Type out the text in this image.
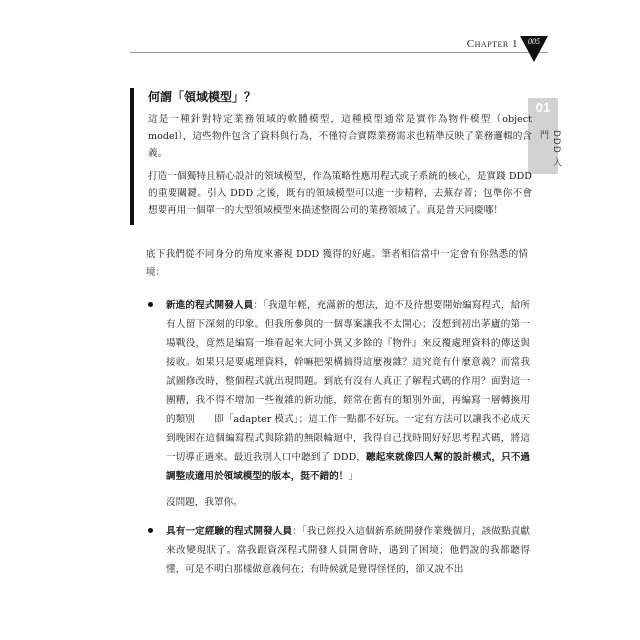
Chapter 1	005
01
DDD 入門
何謂「領域模型」？

這是一種針對特定業務領域的軟體模型，這種模型通常是實作為物件模型（object model），這些物件包含了資料與行為，不僅符合實際業務需求也精準反映了業務邏輯的含義。

打造一個獨特且精心設計的領域模型，作為策略性應用程式或子系統的核心，是實踐 DDD 的重要關鍵。引入 DDD 之後，既有的領域模型可以進一步精粹，去蕪存菁；包準你不會想要再用一個單一的大型領域模型來描述整間公司的業務領域了。真是普天同慶哪！

底下我們從不同身分的角度來審視 DDD 獲得的好處。筆者相信當中一定會有你熟悉的情境：

新進的程式開發人員：「我還年輕，充滿新的想法，迫不及待想要開始編寫程式，給所有人留下深刻的印象。但我所參與的一個專案讓我不太開心；沒想到初出茅廬的第一場戰役，竟然是編寫一堆看起來大同小異又多餘的『物件』來反覆處理資料的傳送與接收。如果只是要處理資料，幹嘛把架構搞得這麼複雜？這究竟有什麼意義？而當我試圖修改時，整個程式就出現問題。到底有沒有人真正了解程式碼的作用？面對這一團糟，我不得不增加一些複雜的新功能，經常在舊有的類別外面，再編寫一層轉換用的類別　　即「adapter 模式」；這工作一點都不好玩。一定有方法可以讓我不必成天到晚困在這個編寫程式與除錯的無限輪迴中，我得自己找時間好好思考程式碼，將這一切導正過來。最近我別人口中聽到了 DDD，聽起來就像四人幫的設計模式，只不過調整成適用於領域模型的版本，挺不錯的！」

沒問題，我罩你。

具有一定經驗的程式開發人員：「我已經投入這個新系統開發作業幾個月，該做點貢獻來改變現狀了。當我跟資深程式開發人員開會時，遇到了困境；他們說的我都聽得懂，可是不明白那樣做意義何在；有時候就是覺得怪怪的，卻又說不出
